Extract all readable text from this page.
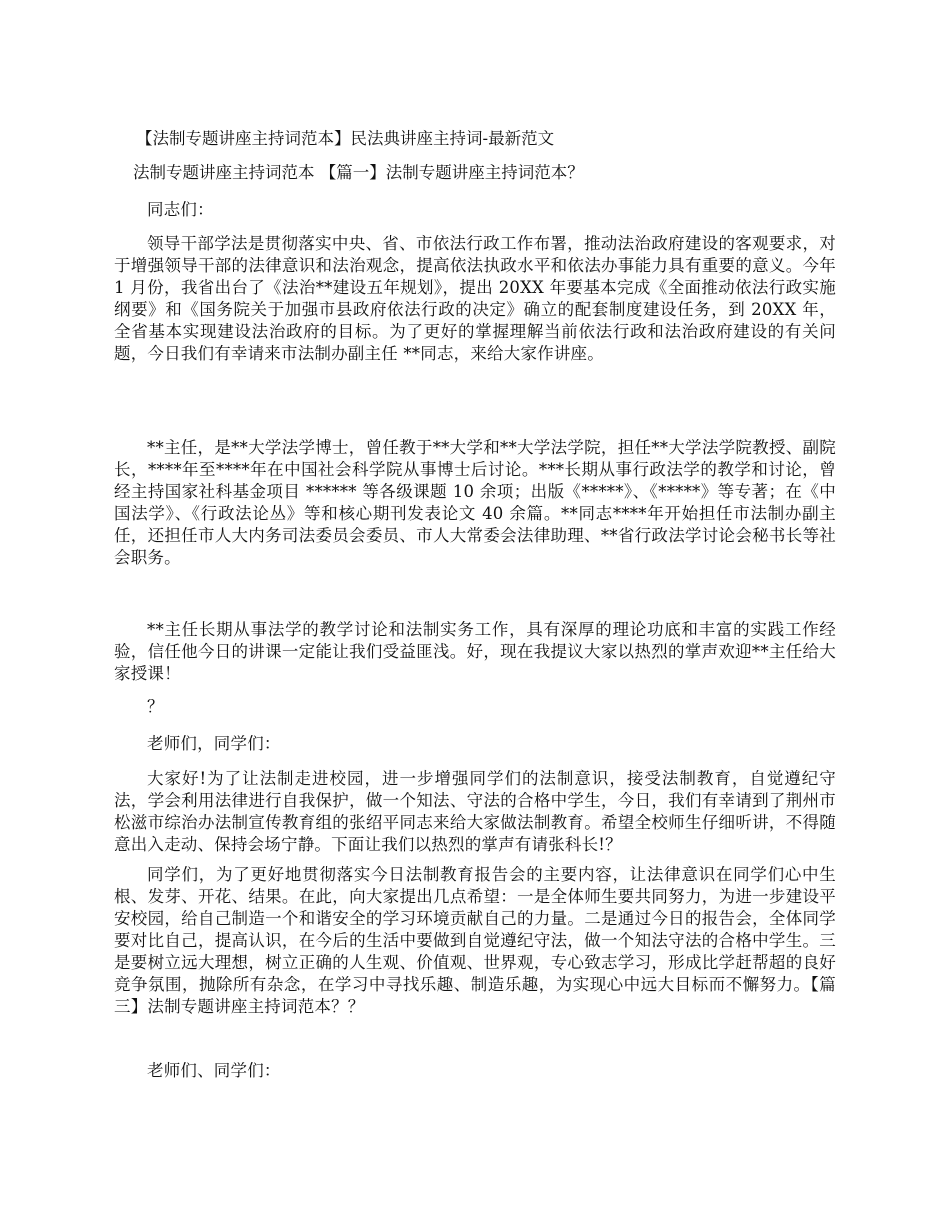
【法制专题讲座主持词范本】民法典讲座主持词-最新范文

法制专题讲座主持词范本 【篇一】法制专题讲座主持词范本？

同志们：

领导干部学法是贯彻落实中央、省、市依法行政工作布署，推动法治政府建设的客观要求，对于增强领导干部的法律意识和法治观念，提高依法执政水平和依法办事能力具有重要的意义。今年 1 月份，我省出台了《法治**建设五年规划》，提出 20XX 年要基本完成《全面推动依法行政实施纲要》和《国务院关于加强市县政府依法行政的决定》确立的配套制度建设任务，到 20XX 年，全省基本实现建设法治政府的目标。为了更好的掌握理解当前依法行政和法治政府建设的有关问题，今日我们有幸请来市法制办副主任 **同志，来给大家作讲座。

**主任，是**大学法学博士，曾任教于**大学和**大学法学院，担任**大学法学院教授、副院长，****年至****年在中国社会科学院从事博士后讨论。***长期从事行政法学的教学和讨论，曾经主持国家社科基金项目 ****** 等各级课题 10 余项；出版《*****》、《*****》等专著；在《中国法学》、《行政法论丛》等和核心期刊发表论文 40 余篇。**同志****年开始担任市法制办副主任，还担任市人大内务司法委员会委员、市人大常委会法律助理、**省行政法学讨论会秘书长等社会职务。

**主任长期从事法学的教学讨论和法制实务工作，具有深厚的理论功底和丰富的实践工作经验，信任他今日的讲课一定能让我们受益匪浅。好，现在我提议大家以热烈的掌声欢迎**主任给大家授课！

？

老师们，同学们：

大家好!为了让法制走进校园，进一步增强同学们的法制意识，接受法制教育，自觉遵纪守法，学会利用法律进行自我保护，做一个知法、守法的合格中学生，今日，我们有幸请到了荆州市松滋市综治办法制宣传教育组的张绍平同志来给大家做法制教育。希望全校师生仔细听讲，不得随意出入走动、保持会场宁静。下面让我们以热烈的掌声有请张科长!？

同学们，为了更好地贯彻落实今日法制教育报告会的主要内容，让法律意识在同学们心中生根、发芽、开花、结果。在此，向大家提出几点希望：一是全体师生要共同努力，为进一步建设平安校园，给自己制造一个和谐安全的学习环境贡献自己的力量。二是通过今日的报告会，全体同学要对比自己，提高认识，在今后的生活中要做到自觉遵纪守法，做一个知法守法的合格中学生。三是要树立远大理想，树立正确的人生观、价值观、世界观，专心致志学习，形成比学赶帮超的良好竞争氛围，抛除所有杂念，在学习中寻找乐趣、制造乐趣，为实现心中远大目标而不懈努力。【篇三】法制专题讲座主持词范本？？

老师们、同学们：
